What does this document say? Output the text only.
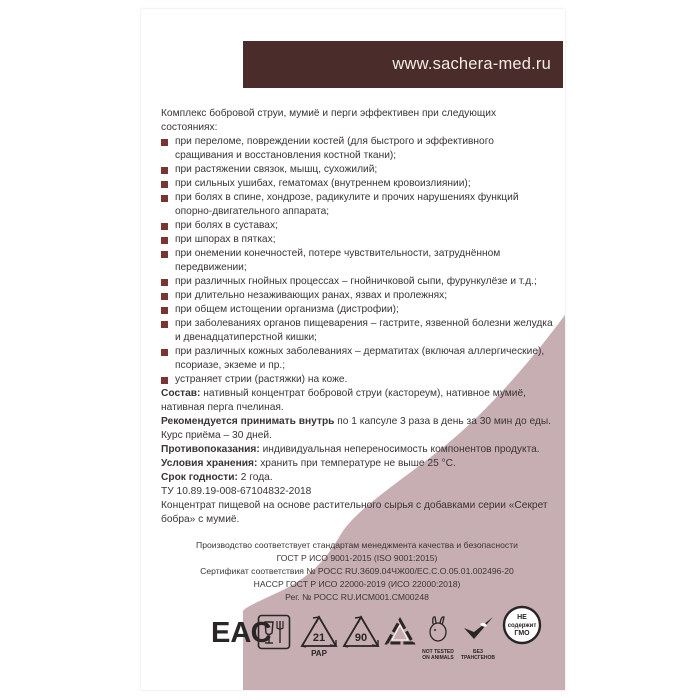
www.sachera-med.ru

Комплекс бобровой струи, мумиё и перги эффективен при следующих состояниях:

при переломе, повреждении костей (для быстрого и эффективного сращивания и восстановления костной ткани);
при растяжении связок, мышц, сухожилий;
при сильных ушибах, гематомах (внутреннем кровоизлиянии);
при болях в спине, хондрозе, радикулите и прочих нарушениях функций опорно-двигательного аппарата;
при болях в суставах;
при шпорах в пятках;
при онемении конечностей, потере чувствительности, затруднённом передвижении;
при различных гнойных процессах – гнойничковой сыпи, фурункулёзе и т.д.;
при длительно незаживающих ранах, язвах и пролежнях;
при общем истощении организма (дистрофии);
при заболеваниях органов пищеварения – гастрите, язвенной болезни желудка и двенадцатиперстной кишки;
при различных кожных заболеваниях – дерматитах (включая аллергические), псориазе, экземе и пр.;
устраняет стрии (растяжки) на коже.

Состав: нативный концентрат бобровой струи (кастореум), нативное мумиё, нативная перга пчелиная.

Рекомендуется принимать внутрь по 1 капсуле 3 раза в день за 30 мин до еды. Курс приёма – 30 дней.

Противопоказания: индивидуальная непереносимость компонентов продукта.

Условия хранения: хранить при температуре не выше 25 °С.

Срок годности: 2 года.

ТУ 10.89.19-008-67104832-2018

Концентрат пищевой на основе растительного сырья с добавками серии «Секрет бобра» с мумиё.

Производство соответствует стандартам менеджмента качества и безопасности
ГОСТ Р ИСО 9001-2015 (ISO 9001:2015)
Сертификат соответствия № РОСС RU.З609.04ЧЖ00/ЕС.С.О.05.01.002496-20
HACCP ГОСТ Р ИСО 22000-2019 (ИСО 22000:2018)
Рег. № РОСС RU.ИСМ001.СМ00248
ЕАС	21
PAP
90
NOT TESTED ON ANIMALS
БЕЗ ТРАНСГЕНОВ
НЕ
содержит
ГМО
